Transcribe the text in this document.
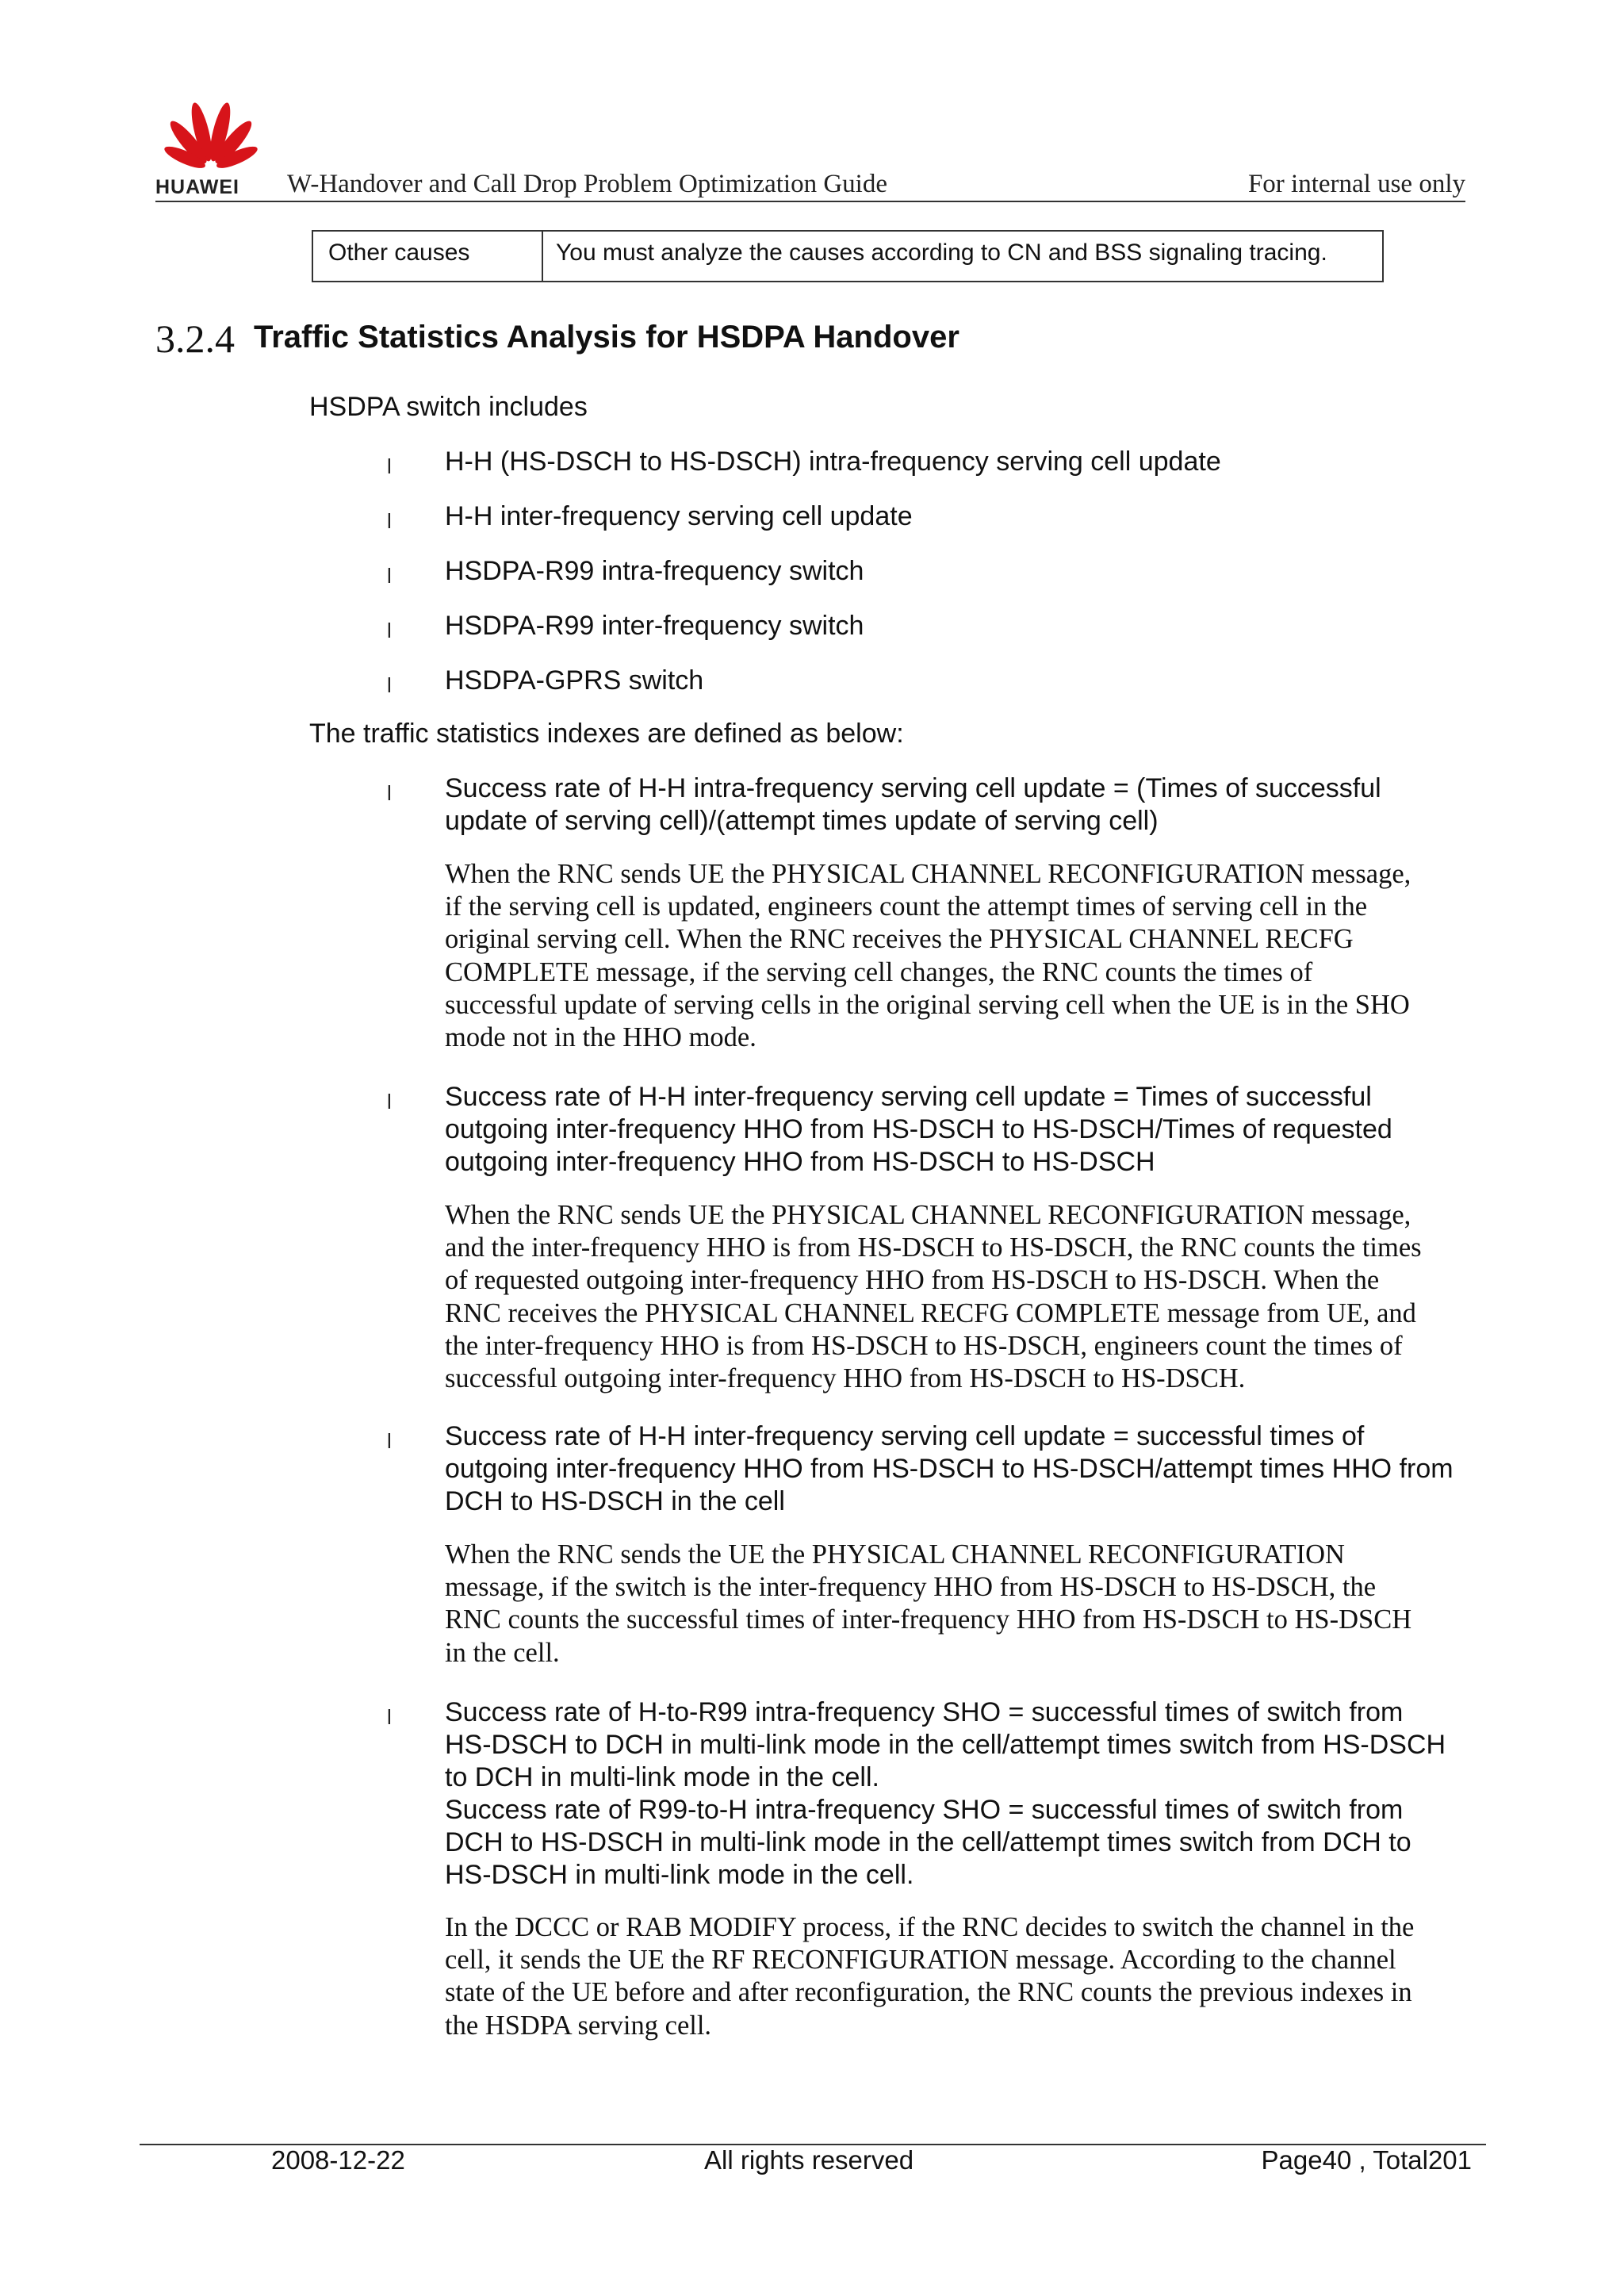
HUAWEI W-Handover and Call Drop Problem Optimization Guide	For internal use only
Other causes	You must analyze the causes according to CN and BSS signaling tracing.
3.2.4 Traffic Statistics Analysis for HSDPA Handover
HSDPA switch includes
l H-H (HS-DSCH to HS-DSCH) intra-frequency serving cell update
l H-H inter-frequency serving cell update
l HSDPA-R99 intra-frequency switch
l HSDPA-R99 inter-frequency switch
l HSDPA-GPRS switch
The traffic statistics indexes are defined as below:
l Success rate of H-H intra-frequency serving cell update = (Times of successful
update of serving cell)/(attempt times update of serving cell)
When the RNC sends UE the PHYSICAL CHANNEL RECONFIGURATION message,
if the serving cell is updated, engineers count the attempt times of serving cell in the
original serving cell. When the RNC receives the PHYSICAL CHANNEL RECFG
COMPLETE message, if the serving cell changes, the RNC counts the times of
successful update of serving cells in the original serving cell when the UE is in the SHO
mode not in the HHO mode.
l Success rate of H-H inter-frequency serving cell update = Times of successful
outgoing inter-frequency HHO from HS-DSCH to HS-DSCH/Times of requested
outgoing inter-frequency HHO from HS-DSCH to HS-DSCH
When the RNC sends UE the PHYSICAL CHANNEL RECONFIGURATION message,
and the inter-frequency HHO is from HS-DSCH to HS-DSCH, the RNC counts the times
of requested outgoing inter-frequency HHO from HS-DSCH to HS-DSCH. When the
RNC receives the PHYSICAL CHANNEL RECFG COMPLETE message from UE, and
the inter-frequency HHO is from HS-DSCH to HS-DSCH, engineers count the times of
successful outgoing inter-frequency HHO from HS-DSCH to HS-DSCH.
l Success rate of H-H inter-frequency serving cell update = successful times of
outgoing inter-frequency HHO from HS-DSCH to HS-DSCH/attempt times HHO from
DCH to HS-DSCH in the cell
When the RNC sends the UE the PHYSICAL CHANNEL RECONFIGURATION
message, if the switch is the inter-frequency HHO from HS-DSCH to HS-DSCH, the
RNC counts the successful times of inter-frequency HHO from HS-DSCH to HS-DSCH
in the cell.
l Success rate of H-to-R99 intra-frequency SHO = successful times of switch from
HS-DSCH to DCH in multi-link mode in the cell/attempt times switch from HS-DSCH
to DCH in multi-link mode in the cell.
Success rate of R99-to-H intra-frequency SHO = successful times of switch from
DCH to HS-DSCH in multi-link mode in the cell/attempt times switch from DCH to
HS-DSCH in multi-link mode in the cell.
In the DCCC or RAB MODIFY process, if the RNC decides to switch the channel in the
cell, it sends the UE the RF RECONFIGURATION message. According to the channel
state of the UE before and after reconfiguration, the RNC counts the previous indexes in
the HSDPA serving cell.
2008-12-22	All rights reserved	Page40 , Total201
